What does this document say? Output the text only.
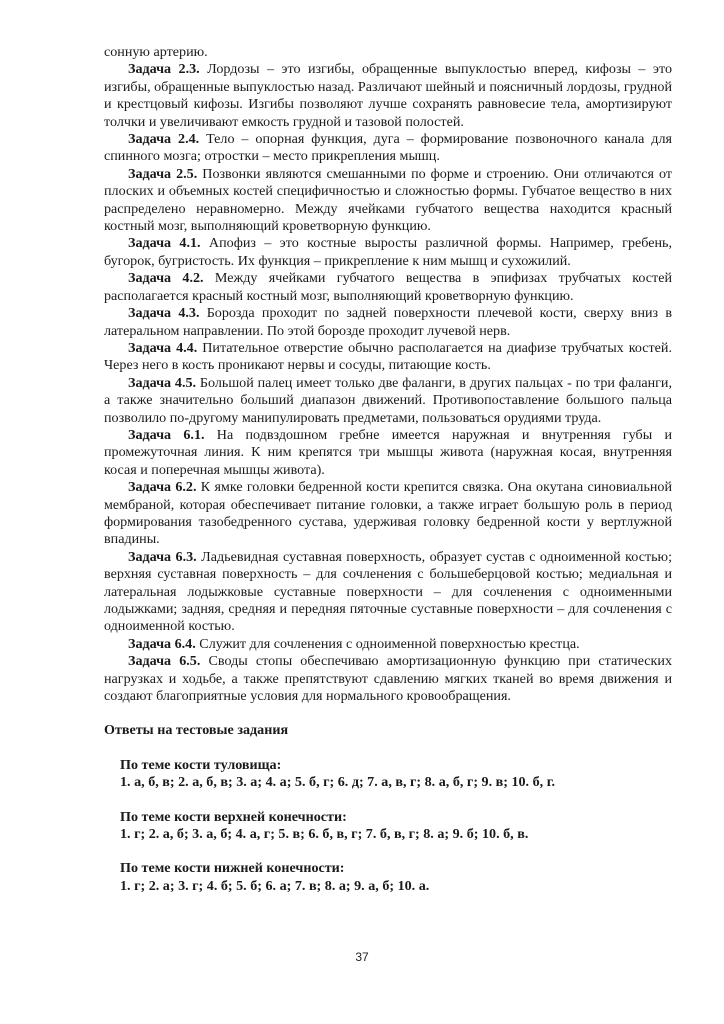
сонную артерию.

Задача 2.3. Лордозы – это изгибы, обращенные выпуклостью вперед, кифозы – это изгибы, обращенные выпуклостью назад. Различают шейный и поясничный лордозы, грудной и крестцовый кифозы. Изгибы позволяют лучше сохранять равновесие тела, амортизируют толчки и увеличивают емкость грудной и тазовой полостей.

Задача 2.4. Тело – опорная функция, дуга – формирование позвоночного канала для спинного мозга; отростки – место прикрепления мышц.

Задача 2.5. Позвонки являются смешанными по форме и строению. Они отличаются от плоских и объемных костей специфичностью и сложностью формы. Губчатое вещество в них распределено неравномерно. Между ячейками губчатого вещества находится красный костный мозг, выполняющий кроветворную функцию.

Задача 4.1. Апофиз – это костные выросты различной формы. Например, гребень, бугорок, бугристость. Их функция – прикрепление к ним мышц и сухожилий.

Задача 4.2. Между ячейками губчатого вещества в эпифизах трубчатых костей располагается красный костный мозг, выполняющий кроветворную функцию.

Задача 4.3. Борозда проходит по задней поверхности плечевой кости, сверху вниз в латеральном направлении. По этой борозде проходит лучевой нерв.

Задача 4.4. Питательное отверстие обычно располагается на диафизе трубчатых костей. Через него в кость проникают нервы и сосуды, питающие кость.

Задача 4.5. Большой палец имеет только две фаланги, в других пальцах - по три фаланги, а также значительно больший диапазон движений. Противопоставление большого пальца позволило по-другому манипулировать предметами, пользоваться орудиями труда.

Задача 6.1. На подвздошном гребне имеется наружная и внутренняя губы и промежуточная линия. К ним крепятся три мышцы живота (наружная косая, внутренняя косая и поперечная мышцы живота).

Задача 6.2. К ямке головки бедренной кости крепится связка. Она окутана синовиальной мембраной, которая обеспечивает питание головки, а также играет большую роль в период формирования тазобедренного сустава, удерживая головку бедренной кости у вертлужной впадины.

Задача 6.3. Ладьевидная суставная поверхность, образует сустав с одноименной костью; верхняя суставная поверхность – для сочленения с большеберцовой костью; медиальная и латеральная лодыжковые суставные поверхности – для сочленения с одноименными лодыжками; задняя, средняя и передняя пяточные суставные поверхности – для сочленения с одноименной костью.

Задача 6.4. Служит для сочленения с одноименной поверхностью крестца.

Задача 6.5. Своды стопы обеспечиваю амортизационную функцию при статических нагрузках и ходьбе, а также препятствуют сдавлению мягких тканей во время движения и создают благоприятные условия для нормального кровообращения.

Ответы на тестовые задания

По теме кости туловища:

1. а, б, в; 2. а, б, в; 3. а; 4. а; 5. б, г; 6. д; 7. а, в, г; 8. а, б, г; 9. в; 10. б, г.

По теме кости верхней конечности:

1. г; 2. а, б; 3. а, б; 4. а, г; 5. в; 6. б, в, г; 7. б, в, г; 8. а; 9. б; 10. б, в.

По теме кости нижней конечности:

1. г; 2. а; 3. г; 4. б; 5. б; 6. а; 7. в; 8. а; 9. а, б; 10. а.

37
